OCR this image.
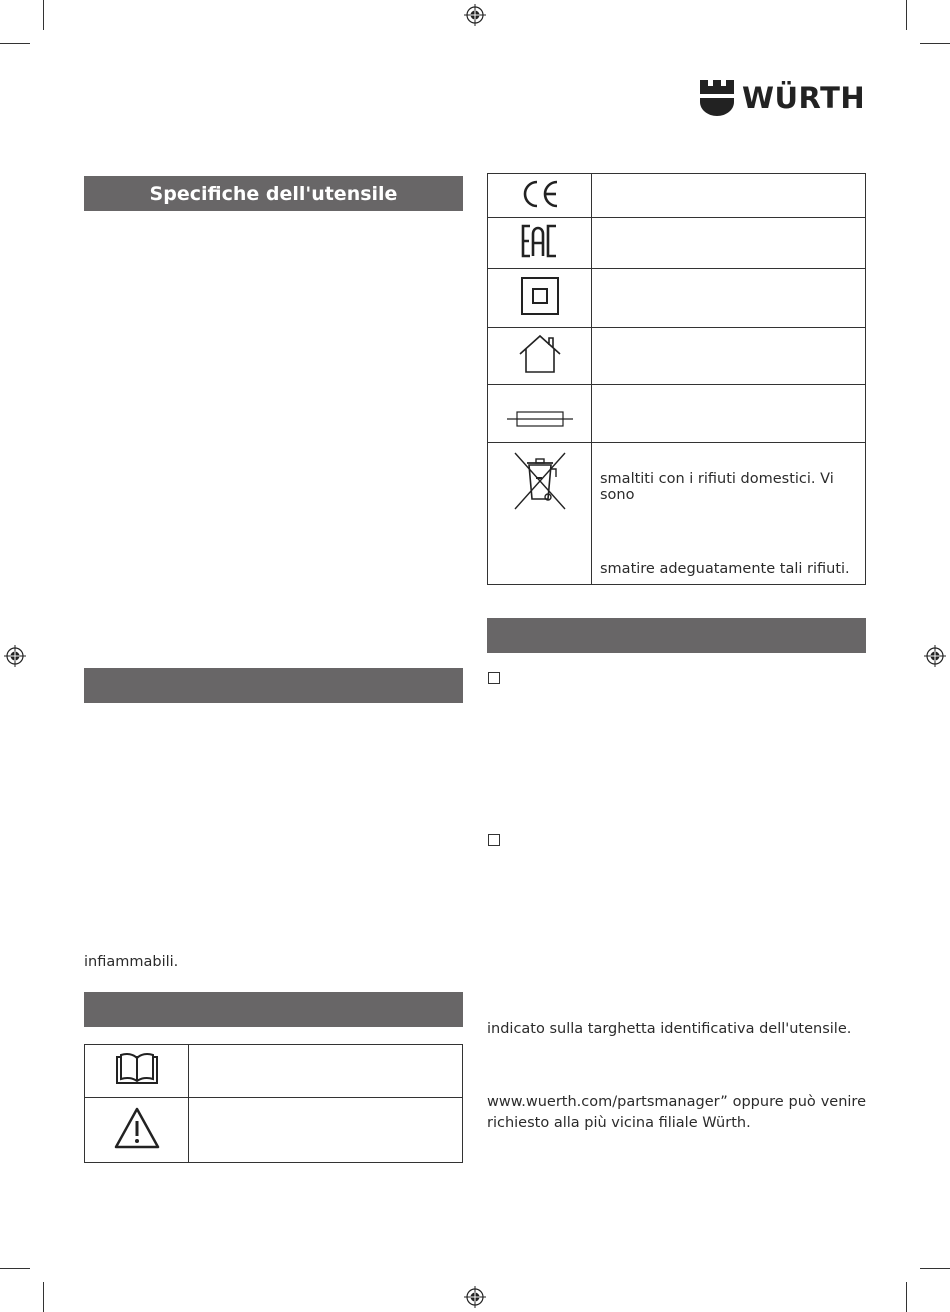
WÜRTH
Specifiche dell'utensile
infiammabili.

smaltiti con i rifiuti domestici. Vi sono
smatire adeguatamente tali rifiuti.
indicato sulla targhetta identificativa dell'utensile.
www.wuerth.com/partsmanager” oppure può venire
richiesto alla più vicina filiale Würth.
